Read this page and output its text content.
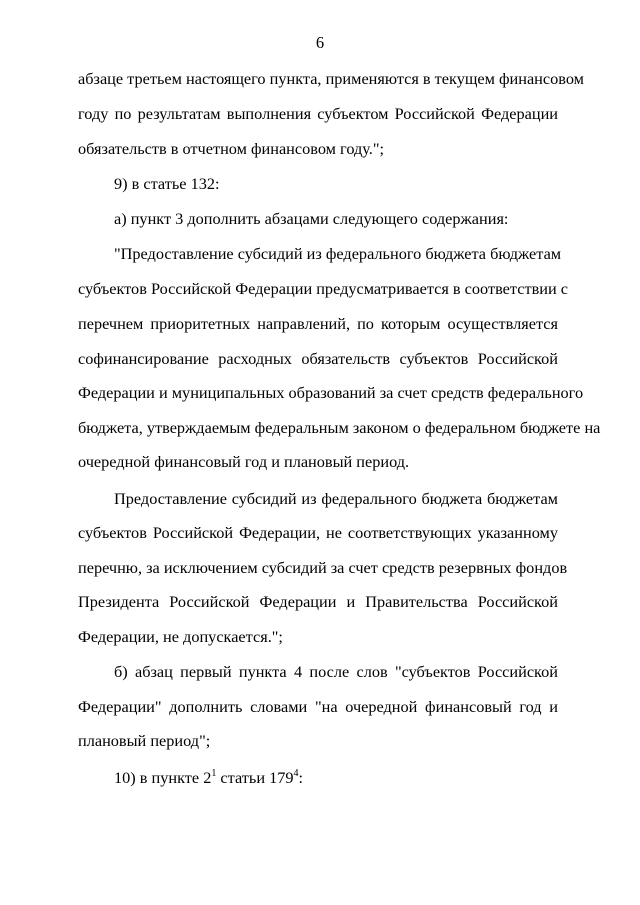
6
абзаце третьем настоящего пункта, применяются в текущем финансовом
году по результатам выполнения субъектом Российской Федерации
обязательств в отчетном финансовом году.";
9) в статье 132:
а) пункт 3 дополнить абзацами следующего содержания:
"Предоставление субсидий из федерального бюджета бюджетам
субъектов Российской Федерации предусматривается в соответствии с
перечнем приоритетных направлений, по которым осуществляется
софинансирование расходных обязательств субъектов Российской
Федерации и муниципальных образований за счет средств федерального
бюджета, утверждаемым федеральным законом о федеральном бюджете на
очередной финансовый год и плановый период.
Предоставление субсидий из федерального бюджета бюджетам
субъектов Российской Федерации, не соответствующих указанному
перечню, за исключением субсидий за счет средств резервных фондов
Президента Российской Федерации и Правительства Российской
Федерации, не допускается.";
б) абзац первый пункта 4 после слов "субъектов Российской
Федерации" дополнить словами "на очередной финансовый год и
плановый период";
10) в пункте $2^1$ статьи $179^4$:
